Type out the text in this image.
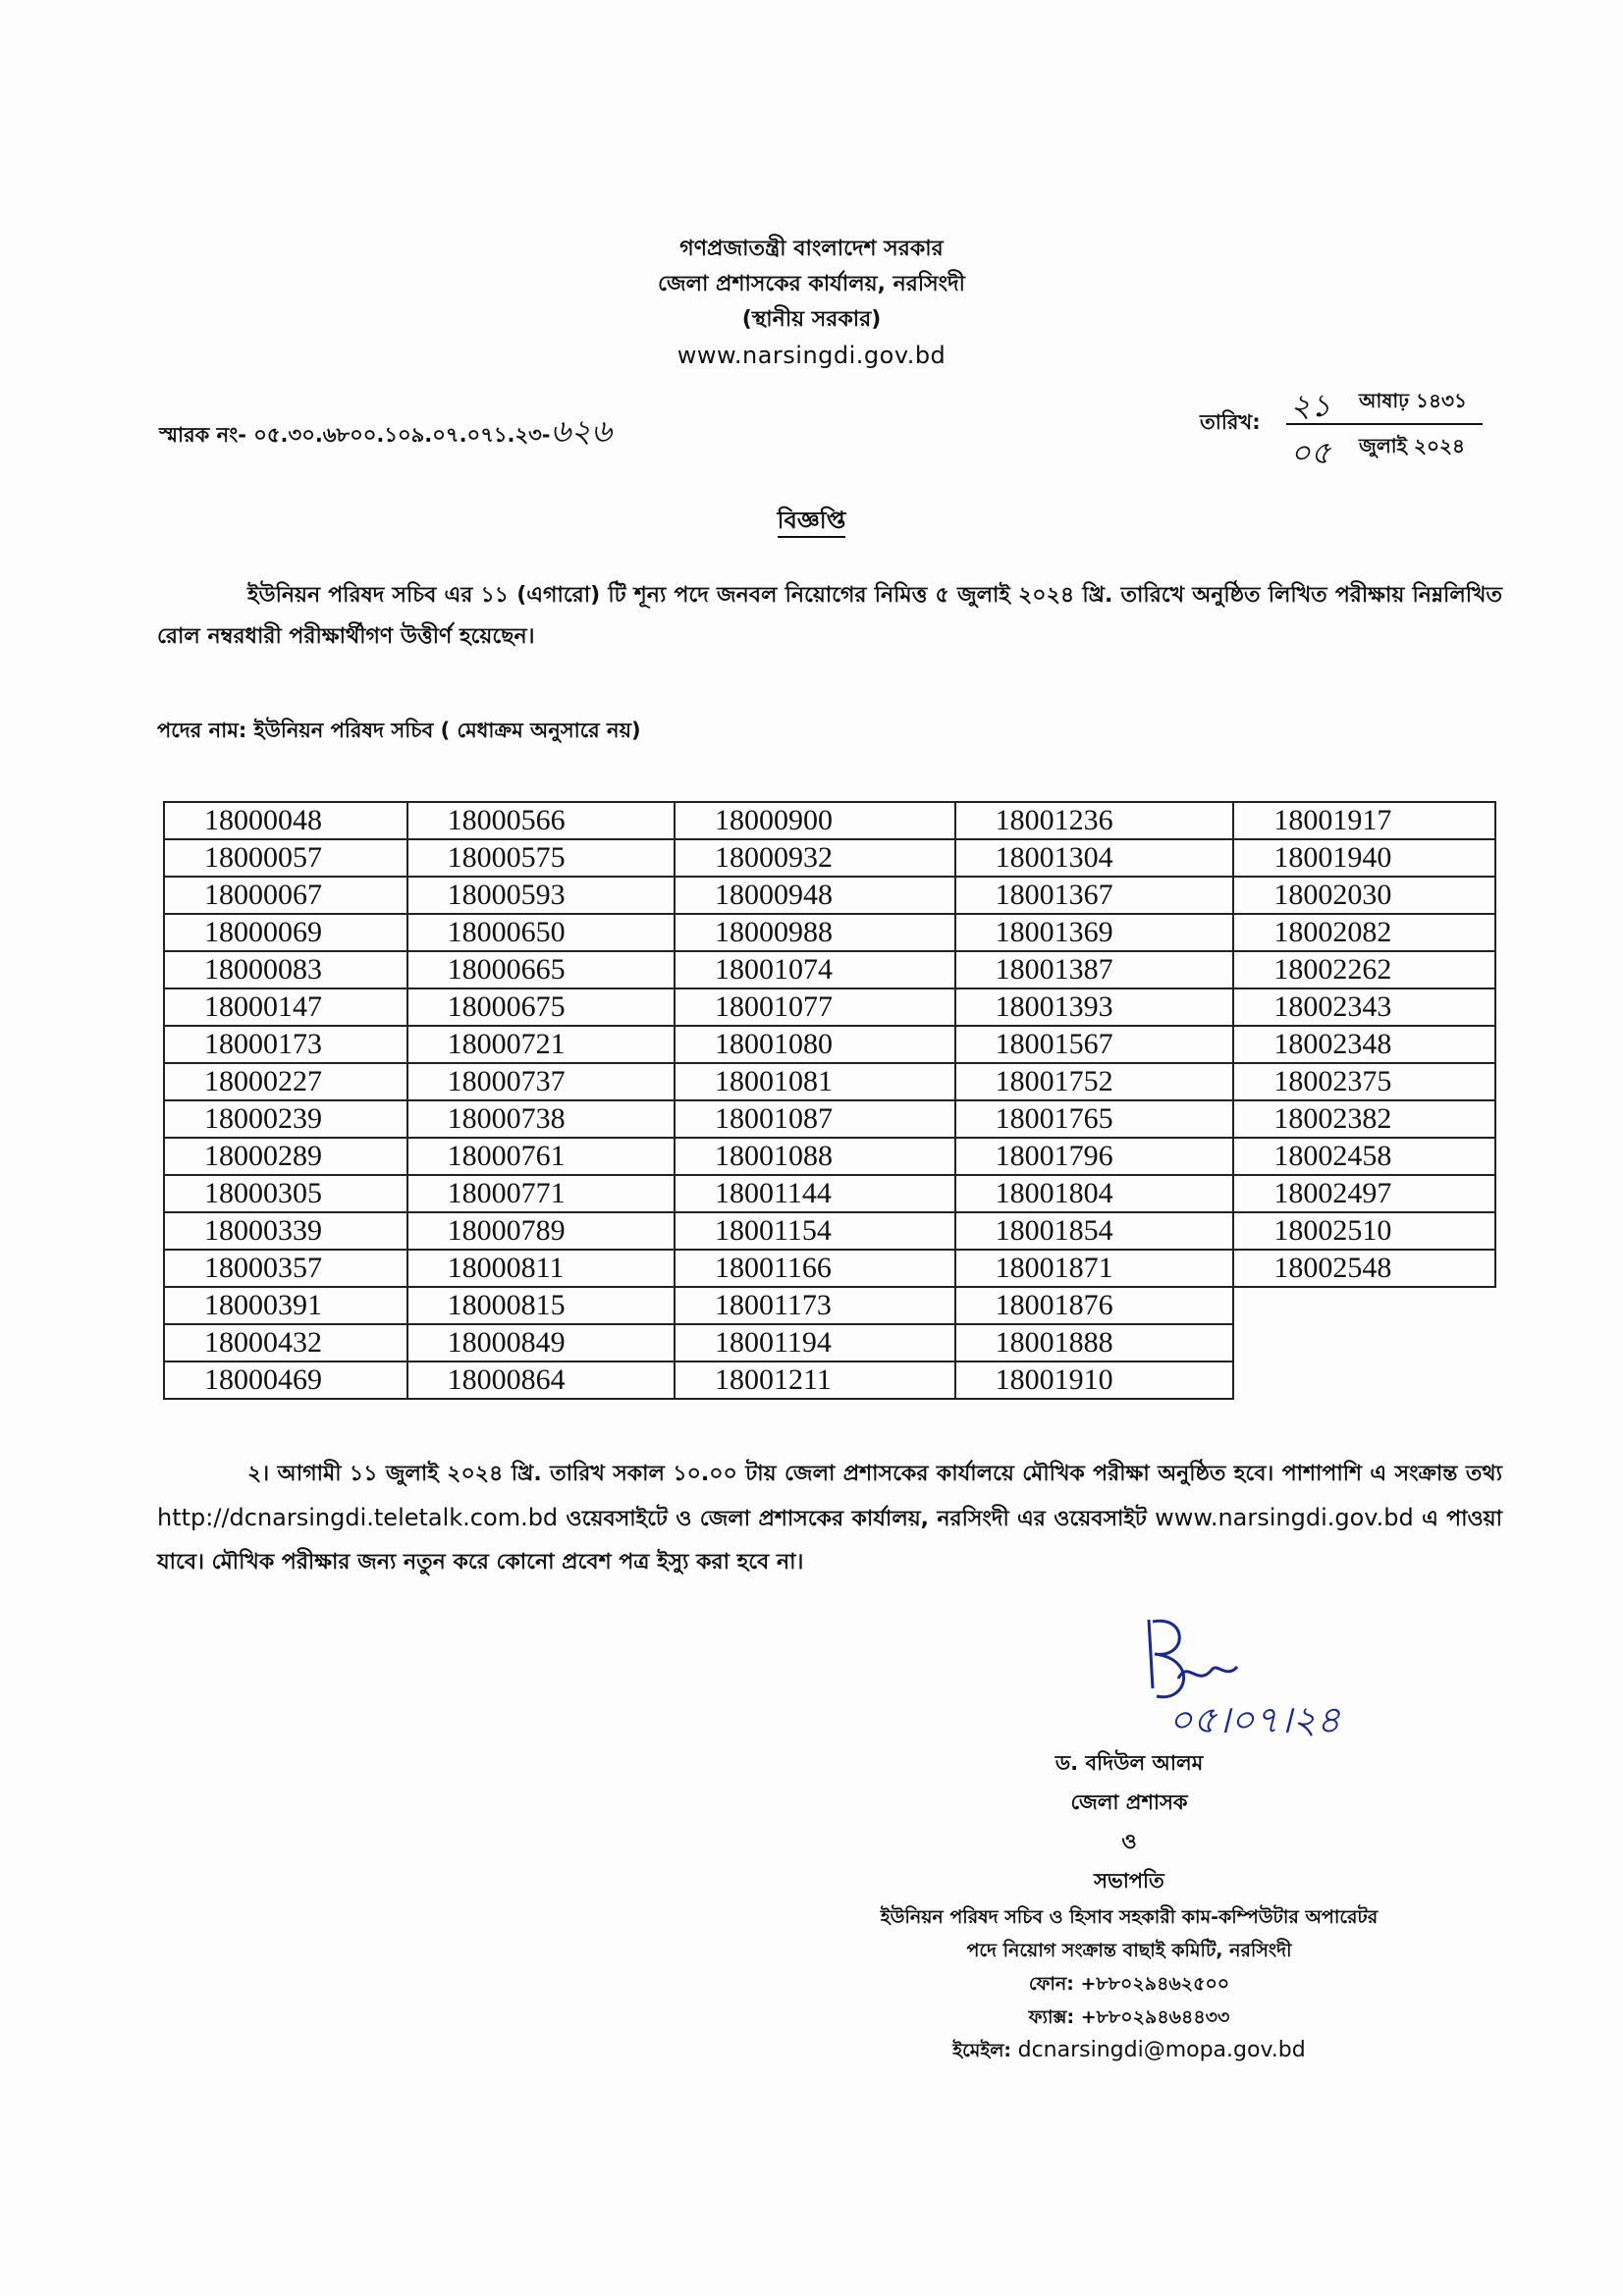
গণপ্রজাতন্ত্রী বাংলাদেশ সরকার
জেলা প্রশাসকের কার্যালয়, নরসিংদী
(স্থানীয় সরকার)
www.narsingdi.gov.bd
স্মারক নং- ০৫.৩০.৬৮০০.১০৯.০৭.০৭১.২৩-৬২৬	তারিখ: ২১ আষাঢ় ১৪৩১
০৫ জুলাই ২০২৪
বিজ্ঞপ্তি
ইউনিয়ন পরিষদ সচিব এর ১১ (এগারো) টি শূন্য পদে জনবল নিয়োগের নিমিত্ত ৫ জুলাই ২০২৪ খ্রি. তারিখে অনুষ্ঠিত লিখিত পরীক্ষায় নিম্নলিখিত রোল নম্বরধারী পরীক্ষার্থীগণ উত্তীর্ণ হয়েছেন।
পদের নাম: ইউনিয়ন পরিষদ সচিব ( মেধাক্রম অনুসারে নয়)
18000048	18000566	18000900	18001236	18001917
18000057	18000575	18000932	18001304	18001940
18000067	18000593	18000948	18001367	18002030
18000069	18000650	18000988	18001369	18002082
18000083	18000665	18001074	18001387	18002262
18000147	18000675	18001077	18001393	18002343
18000173	18000721	18001080	18001567	18002348
18000227	18000737	18001081	18001752	18002375
18000239	18000738	18001087	18001765	18002382
18000289	18000761	18001088	18001796	18002458
18000305	18000771	18001144	18001804	18002497
18000339	18000789	18001154	18001854	18002510
18000357	18000811	18001166	18001871	18002548
18000391	18000815	18001173	18001876	
18000432	18000849	18001194	18001888	
18000469	18000864	18001211	18001910	
২। আগামী ১১ জুলাই ২০২৪ খ্রি. তারিখ সকাল ১০.০০ টায় জেলা প্রশাসকের কার্যালয়ে মৌখিক পরীক্ষা অনুষ্ঠিত হবে। পাশাপাশি এ সংক্রান্ত তথ্য http://dcnarsingdi.teletalk.com.bd ওয়েবসাইটে ও জেলা প্রশাসকের কার্যালয়, নরসিংদী এর ওয়েবসাইট www.narsingdi.gov.bd এ পাওয়া যাবে। মৌখিক পরীক্ষার জন্য নতুন করে কোনো প্রবেশ পত্র ইস্যু করা হবে না।
০৫।০৭।২৪
ড. বদিউল আলম
জেলা প্রশাসক
ও
সভাপতি
ইউনিয়ন পরিষদ সচিব ও হিসাব সহকারী কাম-কম্পিউটার অপারেটর
পদে নিয়োগ সংক্রান্ত বাছাই কমিটি, নরসিংদী
ফোন: +৮৮০২৯৪৬২৫০০
ফ্যাক্স: +৮৮০২৯৪৬৪৪৩৩
ইমেইল: dcnarsingdi@mopa.gov.bd
